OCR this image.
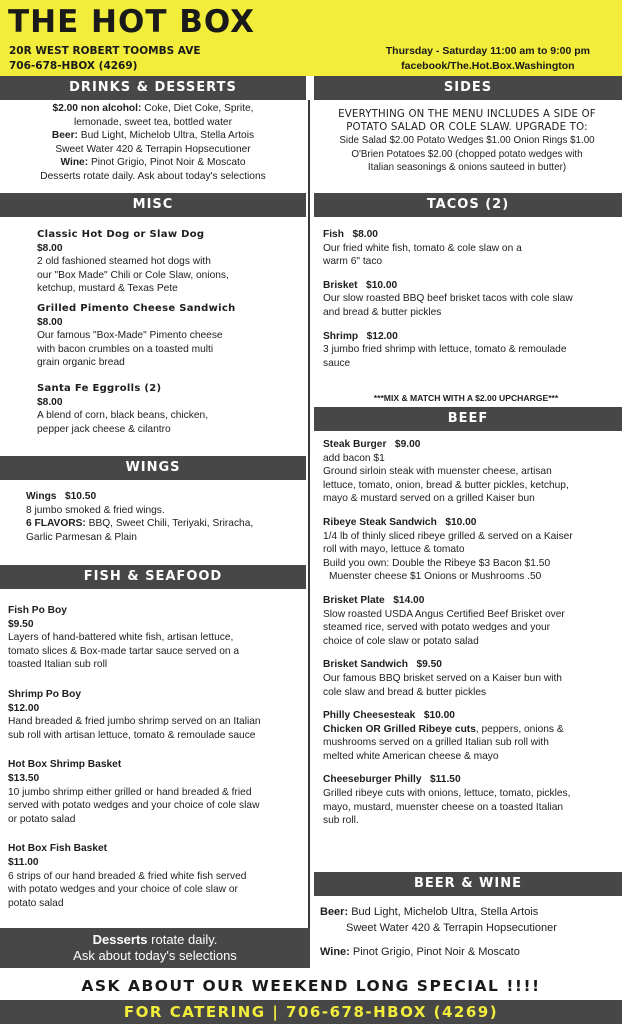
THE HOT BOX
20R WEST ROBERT TOOMBS AVE
706-678-HBOX (4269)
Thursday - Saturday 11:00 am to 9:00 pm
facebook/The.Hot.Box.Washington
DRINKS & DESSERTS
$2.00 non alcohol: Coke, Diet Coke, Sprite,
lemonade, sweet tea, bottled water
Beer: Bud Light, Michelob Ultra, Stella Artois
Sweet Water 420 & Terrapin Hopsecutioner
Wine: Pinot Grigio, Pinot Noir & Moscato
Desserts rotate daily. Ask about today's selections
SIDES
EVERYTHING ON THE MENU INCLUDES A SIDE OF
POTATO SALAD OR COLE SLAW. UPGRADE TO:
Side Salad $2.00 Potato Wedges $1.00 Onion Rings $1.00
O'Brien Potatoes $2.00 (chopped potato wedges with
Italian seasonings & onions sauteed in butter)
MISC
Classic Hot Dog or Slaw Dog
$8.00
2 old fashioned steamed hot dogs with
our "Box Made" Chili or Cole Slaw, onions,
ketchup, mustard & Texas Pete
Grilled Pimento Cheese Sandwich
$8.00
Our famous "Box-Made" Pimento cheese
with bacon crumbles on a toasted multi
grain organic bread
Santa Fe Eggrolls (2)
$8.00
A blend of corn, black beans, chicken,
pepper jack cheese & cilantro
TACOS (2)
Fish $8.00
Our fried white fish, tomato & cole slaw on a
warm 6" taco
Brisket $10.00
Our slow roasted BBQ beef brisket tacos with cole slaw
and bread & butter pickles
Shrimp $12.00
3 jumbo fried shrimp with lettuce, tomato & remoulade
sauce
***MIX & MATCH WITH A $2.00 UPCHARGE***
BEEF
Steak Burger $9.00
add bacon $1
Ground sirloin steak with muenster cheese, artisan
lettuce, tomato, onion, bread & butter pickles, ketchup,
mayo & mustard served on a grilled Kaiser bun
Ribeye Steak Sandwich $10.00
1/4 lb of thinly sliced ribeye grilled & served on a Kaiser
roll with mayo, lettuce & tomato
Build you own: Double the Ribeye $3 Bacon $1.50
Muenster cheese $1 Onions or Mushrooms .50
Brisket Plate $14.00
Slow roasted USDA Angus Certified Beef Brisket over
steamed rice, served with potato wedges and your
choice of cole slaw or potato salad
Brisket Sandwich $9.50
Our famous BBQ brisket served on a Kaiser bun with
cole slaw and bread & butter pickles
Philly Cheesesteak $10.00
Chicken OR Grilled Ribeye cuts, peppers, onions &
mushrooms served on a grilled Italian sub roll with
melted white American cheese & mayo
Cheeseburger Philly $11.50
Grilled ribeye cuts with onions, lettuce, tomato, pickles,
mayo, mustard, muenster cheese on a toasted Italian
sub roll.
WINGS
Wings $10.50
8 jumbo smoked & fried wings.
6 FLAVORS: BBQ, Sweet Chili, Teriyaki, Sriracha,
Garlic Parmesan & Plain
FISH & SEAFOOD
Fish Po Boy
$9.50
Layers of hand-battered white fish, artisan lettuce,
tomato slices & Box-made tartar sauce served on a
toasted Italian sub roll
Shrimp Po Boy
$12.00
Hand breaded & fried jumbo shrimp served on an Italian
sub roll with artisan lettuce, tomato & remoulade sauce
Hot Box Shrimp Basket
$13.50
10 jumbo shrimp either grilled or hand breaded & fried
served with potato wedges and your choice of cole slaw
or potato salad
Hot Box Fish Basket
$11.00
6 strips of our hand breaded & fried white fish served
with potato wedges and your choice of cole slaw or
potato salad
Desserts rotate daily.
Ask about today's selections
BEER & WINE
Beer: Bud Light, Michelob Ultra, Stella Artois
Sweet Water 420 & Terrapin Hopsecutioner
Wine: Pinot Grigio, Pinot Noir & Moscato
ASK ABOUT OUR WEEKEND LONG SPECIAL !!!!
FOR CATERING | 706-678-HBOX (4269)
